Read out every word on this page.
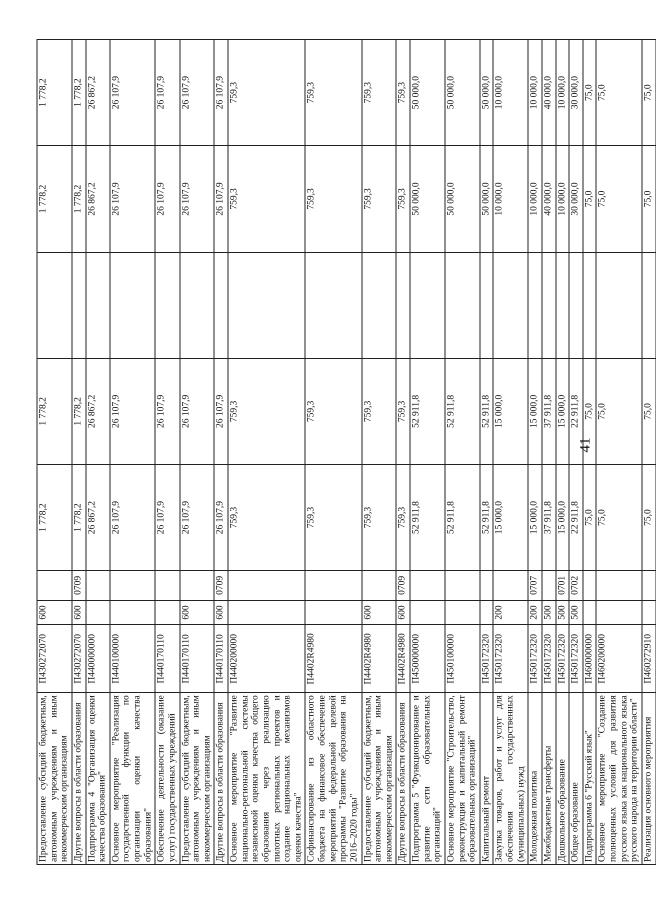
41
Предоставление субсидий бюджетным, автономным учреждениям и иным некоммерческим организациям	П430272070	600		1 778,2	1 778,2		1 778,2	1 778,2
Другие вопросы в области образования	П430272070	600	0709	1 778,2	1 778,2		1 778,2	1 778,2
Подпрограмма 4 "Организация оценки качества образования"	П440000000			26 867,2	26 867,2		26 867,2	26 867,2
Основное мероприятие "Реализация государственной функции по организации оценки качества образования"	П440100000			26 107,9	26 107,9		26 107,9	26 107,9
Обеспечение деятельности (оказание услуг) государственных учреждений	П440170110			26 107,9	26 107,9		26 107,9	26 107,9
Предоставление субсидий бюджетным, автономным учреждениям и иным некоммерческим организациям	П440170110	600		26 107,9	26 107,9		26 107,9	26 107,9
Другие вопросы в области образования	П440170110	600	0709	26 107,9	26 107,9		26 107,9	26 107,9
Основное мероприятие "Развитие национально-региональной системы независимой оценки качества общего образования через реализацию пилотных региональных проектов и создание национальных механизмов оценки качества"	П440200000			759,3	759,3		759,3	759,3
Софинансирование из областного бюджета на финансовое обеспечение мероприятий федеральной целевой программы "Развитие образования на 2016–2020 годы"	П4402R4980			759,3	759,3		759,3	759,3
Предоставление субсидий бюджетным, автономным учреждениям и иным некоммерческим организациям	П4402R4980	600		759,3	759,3		759,3	759,3
Другие вопросы в области образования	П4402R4980	600	0709	759,3	759,3		759,3	759,3
Подпрограмма 5 "Функционирование и развитие сети образовательных организаций"	П450000000			52 911,8	52 911,8		50 000,0	50 000,0
Основное мероприятие "Строительство, реконструкция и капитальный ремонт образовательных организаций"	П450100000			52 911,8	52 911,8		50 000,0	50 000,0
Капитальный ремонт	П450172320			52 911,8	52 911,8		50 000,0	50 000,0
Закупка товаров, работ и услуг для обеспечения государственных (муниципальных) нужд	П450172320	200		15 000,0	15 000,0		10 000,0	10 000,0
Молодежная политика	П450172320	200	0707	15 000,0	15 000,0		10 000,0	10 000,0
Межбюджетные трансферты	П450172320	500		37 911,8	37 911,8		40 000,0	40 000,0
Дошкольное образование	П450172320	500	0701	15 000,0	15 000,0		10 000,0	10 000,0
Общее образование	П450172320	500	0702	22 911,8	22 911,8		30 000,0	30 000,0
Подпрограмма 6 "Русский язык"	П460000000			75,0	75,0		75,0	75,0
Основное мероприятие "Создание полноценных условий для развития русского языка как национального языка русского народа на территории области"	П460200000			75,0	75,0		75,0	75,0
Реализация основного мероприятия	П460272910			75,0	75,0		75,0	75,0
